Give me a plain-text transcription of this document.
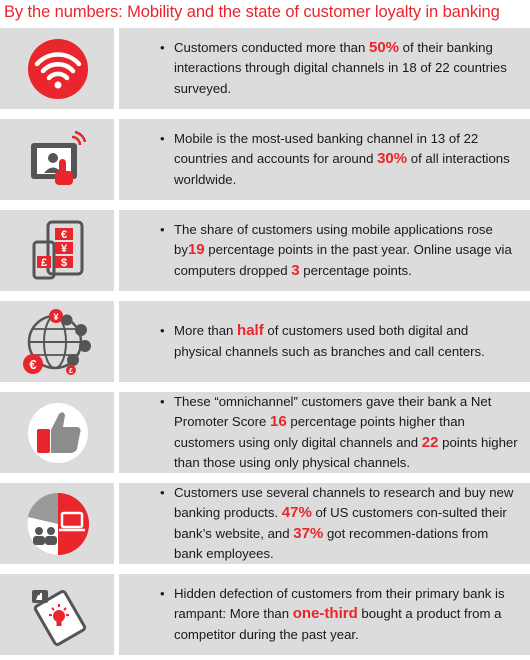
By the numbers: Mobility and the state of customer loyalty in banking
• Customers conducted more than 50% of their banking interactions through digital channels in 18 of 22 countries surveyed.
• Mobile is the most-used banking channel in 13 of 22 countries and accounts for around 30% of all interactions worldwide.
€
¥
$
£
• The share of customers using mobile applications rose by19 percentage points in the past year. Online usage via computers dropped 3 percentage points.
¥
€	£
• More than half of customers used both digital and physical channels such as branches and call centers.
• These “omnichannel” customers gave their bank a Net Promoter Score 16 percentage points higher than customers using only digital channels and 22 points higher than those using only physical channels.
• Customers use several channels to research and buy new banking products. 47% of US customers con-sulted their bank’s website, and 37% got recommen-dations from bank employees.
• Hidden defection of customers from their primary bank is rampant: More than one-third bought a product from a competitor during the past year.
